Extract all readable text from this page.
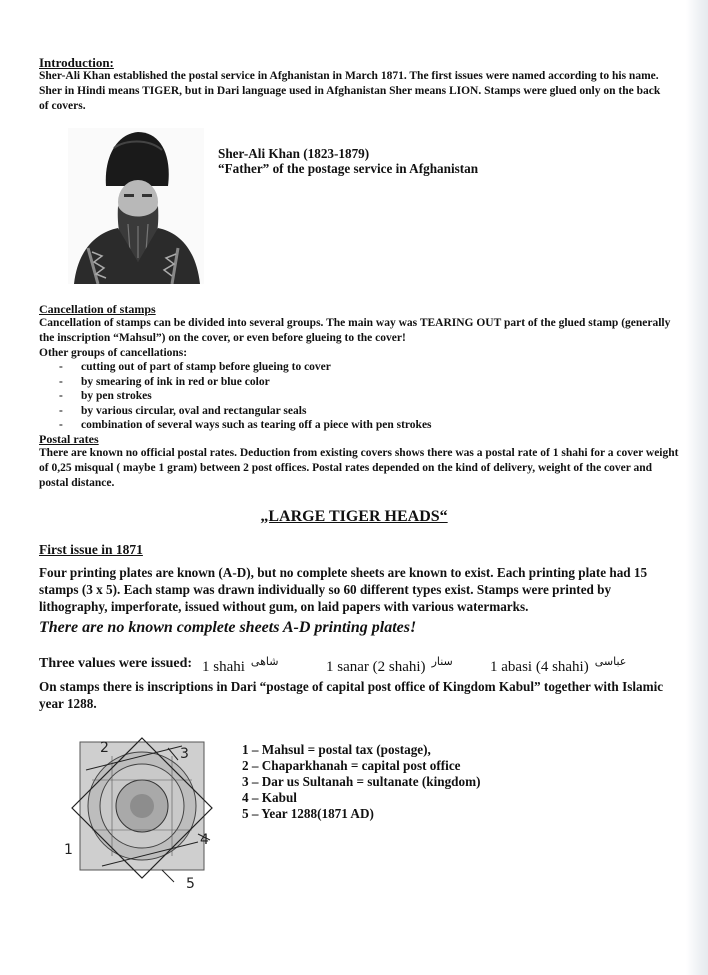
Introduction:
Sher-Ali Khan established the postal service in Afghanistan in March 1871. The first issues were named according to his name. Sher in Hindi means TIGER, but in Dari language used in Afghanistan Sher means LION. Stamps were glued only on the back of covers.
Sher-Ali Khan (1823-1879)
“Father” of the postage service in Afghanistan
Cancellation of stamps
Cancellation of stamps can be divided into several groups. The main way was TEARING OUT part of the glued stamp (generally the inscription “Mahsul”) on the cover, or even before glueing to the cover!
Other groups of cancellations:
- cutting out of part of stamp before glueing to cover
- by smearing of ink in red or blue color
- by pen strokes
- by various circular, oval and rectangular seals
- combination of several ways such as tearing off a piece with pen strokes
Postal rates
There are known no official postal rates. Deduction from existing covers shows there was a postal rate of 1 shahi for a cover weight of 0,25 misqual ( maybe 1 gram) between 2 post offices. Postal rates depended on the kind of delivery, weight of the cover and postal distance.
„LARGE TIGER HEADS“
First issue in 1871
Four printing plates are known (A-D), but no complete sheets are known to exist. Each printing plate had 15 stamps (3 x 5). Each stamp was drawn individually so 60 different types exist. Stamps were printed by lithography, imperforate, issued without gum, on laid papers with various watermarks.
There are no known complete sheets A-D printing plates!
Three values were issued: 1 shahi $^{شاهی}$	1 sanar (2 shahi) $^{سنار}$ 1 abasi (4 shahi) $^{عباسی}$
On stamps there is inscriptions in Dari “postage of capital post office of Kingdom Kabul” together with Islamic year 1288.
2	3
4
1
5
1 – Mahsul = postal tax (postage),
2 – Chaparkhanah = capital post office
3 – Dar us Sultanah = sultanate (kingdom)
4 – Kabul
5 – Year 1288(1871 AD)
